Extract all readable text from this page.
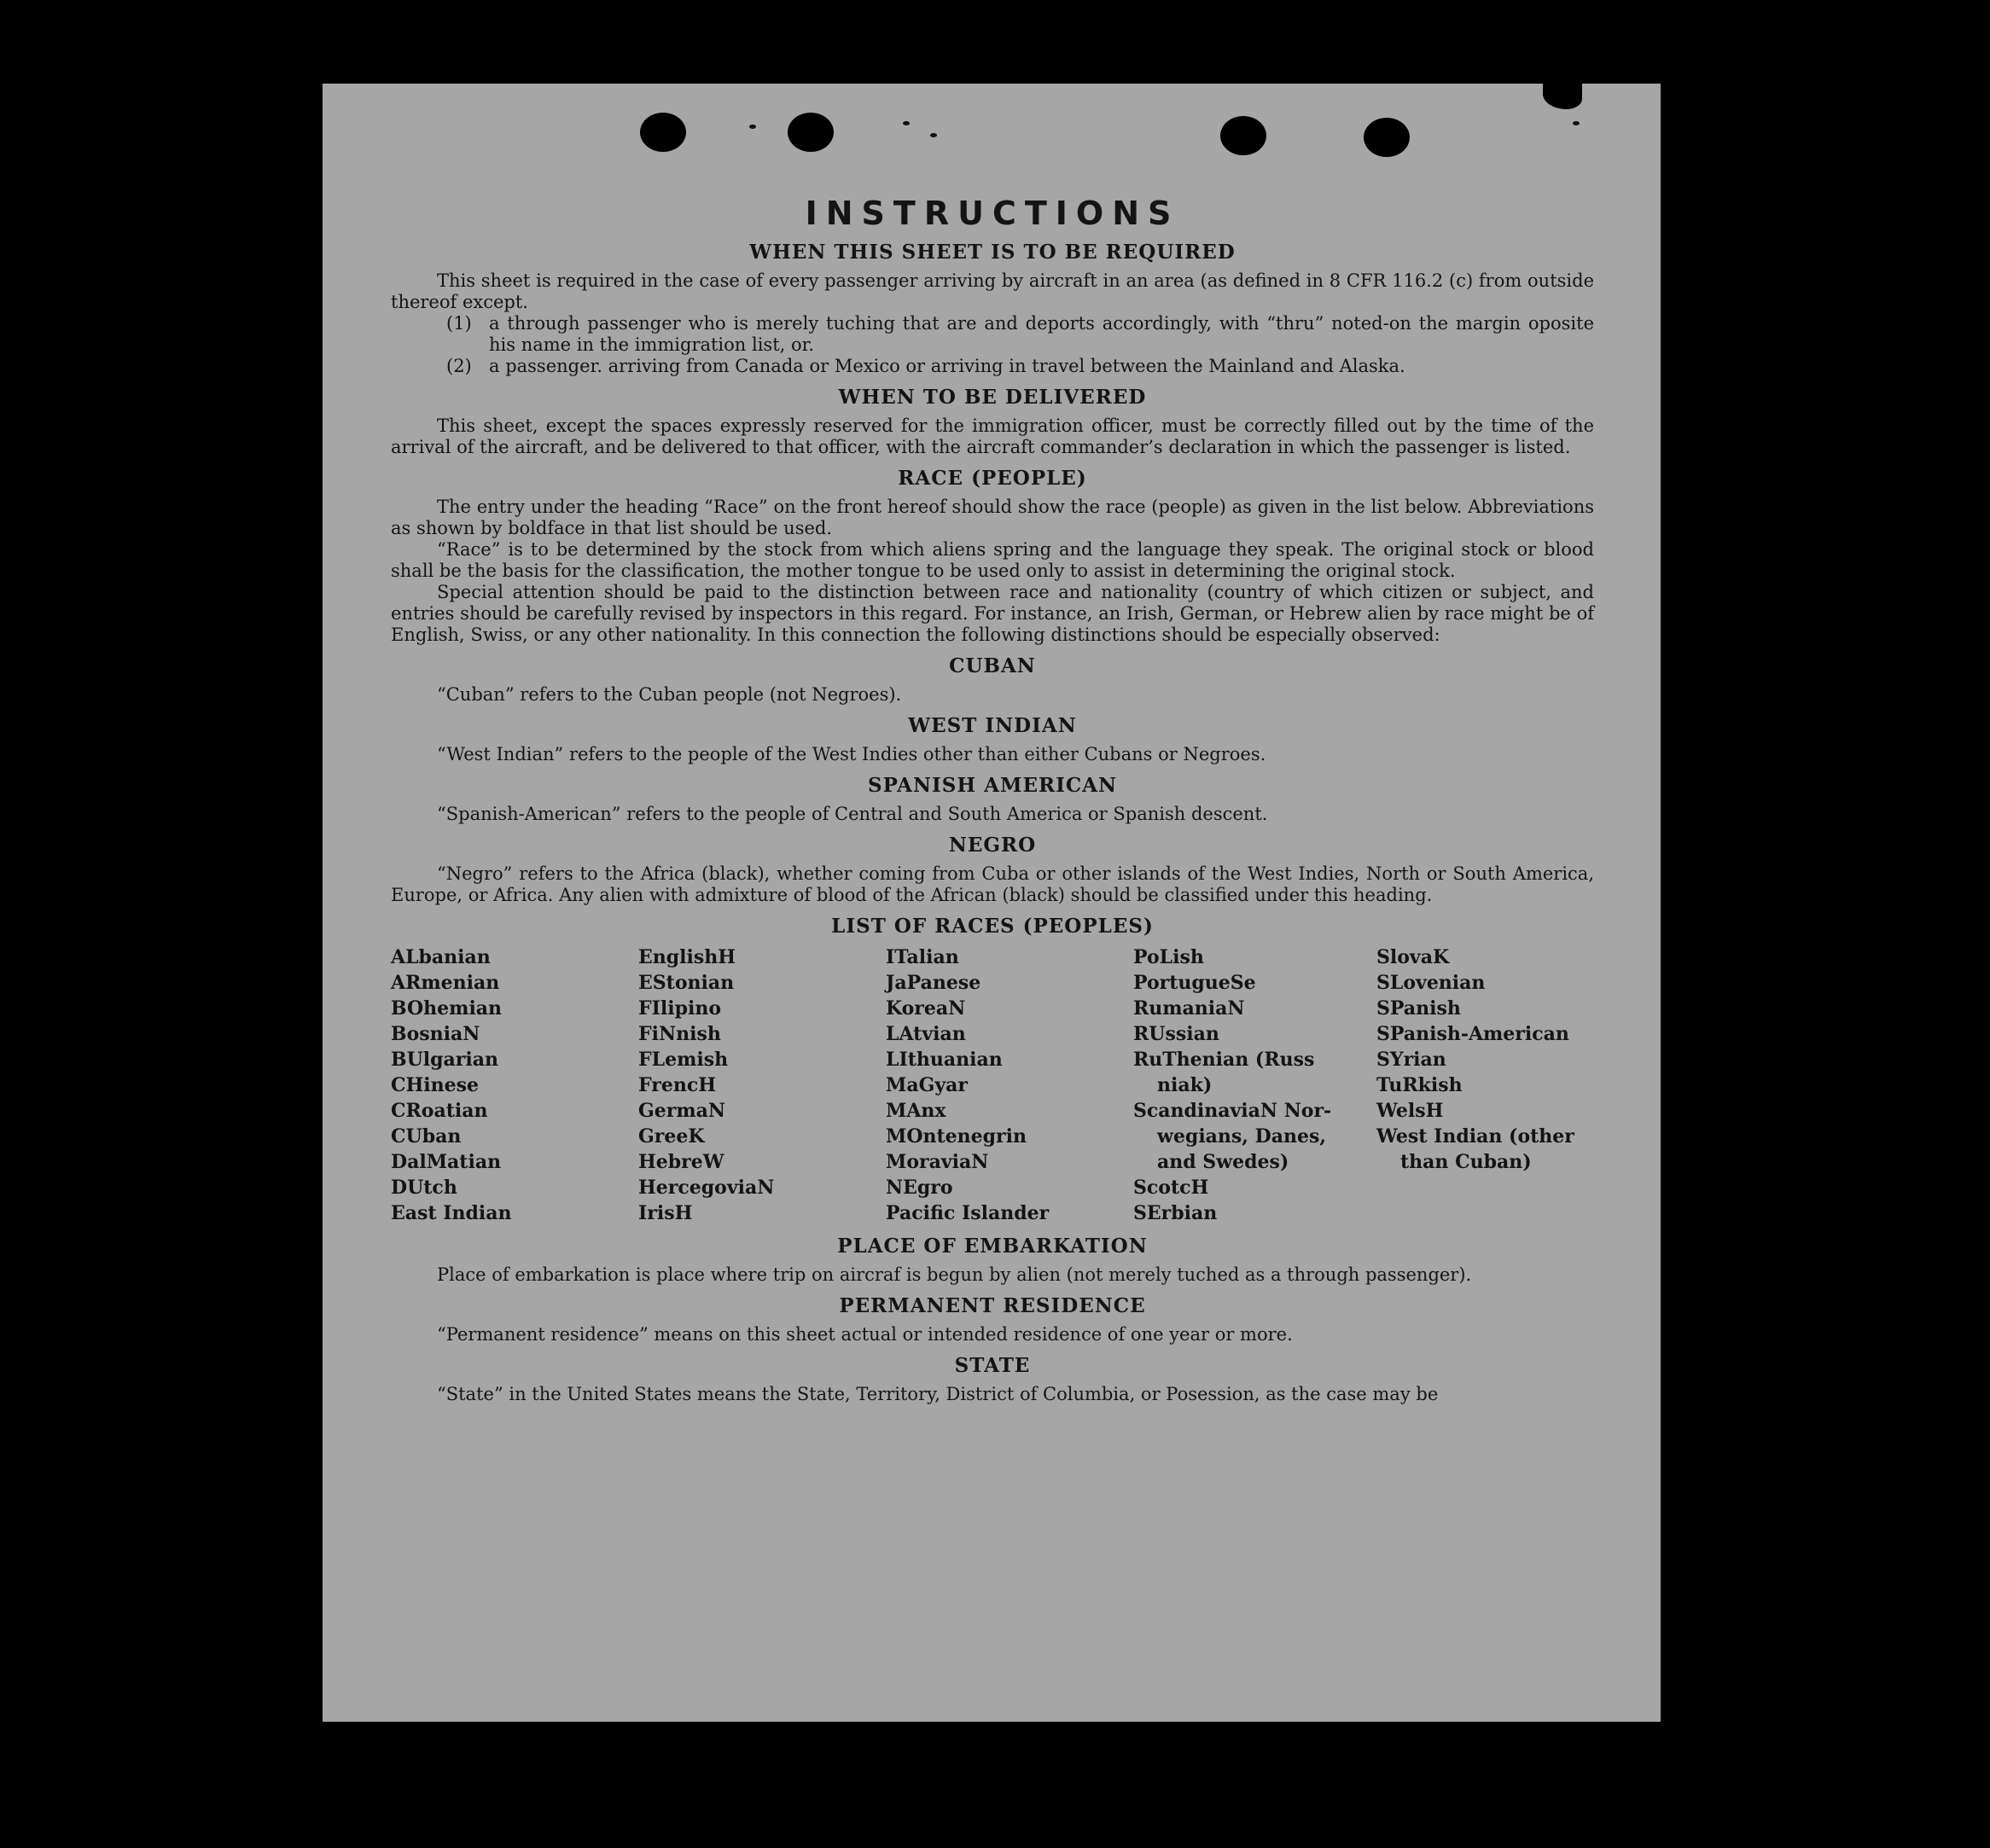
INSTRUCTIONS
WHEN THIS SHEET IS TO BE REQUIRED

This sheet is required in the case of every passenger arriving by aircraft in an area (as defined in 8 CFR 116.2 (c) from outside thereof except.

(1) a through passenger who is merely tuching that are and deports accordingly, with “thru” noted-on the margin oposite his name in the immigration list, or.

(2) a passenger. arriving from Canada or Mexico or arriving in travel between the Mainland and Alaska.

WHEN TO BE DELIVERED

This sheet, except the spaces expressly reserved for the immigration officer, must be correctly filled out by the time of the arrival of the aircraft, and be delivered to that officer, with the aircraft commander’s declaration in which the passenger is listed.

RACE (PEOPLE)

The entry under the heading “Race” on the front hereof should show the race (people) as given in the list below. Abbreviations as shown by boldface in that list should be used.

“Race” is to be determined by the stock from which aliens spring and the language they speak. The original stock or blood shall be the basis for the classification, the mother tongue to be used only to assist in determining the original stock.

Special attention should be paid to the distinction between race and nationality (country of which citizen or subject, and entries should be carefully revised by inspectors in this regard. For instance, an Irish, German, or Hebrew alien by race might be of English, Swiss, or any other nationality. In this connection the following distinctions should be especially observed:

CUBAN

“Cuban” refers to the Cuban people (not Negroes).

WEST INDIAN

“West Indian” refers to the people of the West Indies other than either Cubans or Negroes.

SPANISH AMERICAN

“Spanish-American” refers to the people of Central and South America or Spanish descent.

NEGRO

“Negro” refers to the Africa (black), whether coming from Cuba or other islands of the West Indies, North or South America, Europe, or Africa. Any alien with admixture of blood of the African (black) should be classified under this heading.

LIST OF RACES (PEOPLES)
ALbanian
ARmenian
BOhemian
BosniaN
BUlgarian
CHinese
CRoatian
CUban
DalMatian
DUtch
East Indian
EnglishH
EStonian
FIlipino
FiNnish
FLemish
FrencH
GermaN
GreeK
HebreW
HercegoviaN
IrisH
ITalian
JaPanese
KoreaN
LAtvian
LIthuanian
MaGyar
MAnx
MOntenegrin
MoraviaN
NEgro
Pacific Islander
PoLish
PortugueSe
RumaniaN
RUssian
RuThenian (Russ
niak)
ScandinaviaN Nor-
wegians, Danes,
and Swedes)
ScotcH
SErbian
SlovaK
SLovenian
SPanish
SPanish-American
SYrian
TuRkish
WelsH
West Indian (other
than Cuban)
PLACE OF EMBARKATION

Place of embarkation is place where trip on aircraf is begun by alien (not merely tuched as a through passenger).

PERMANENT RESIDENCE

“Permanent residence” means on this sheet actual or intended residence of one year or more.

STATE

“State” in the United States means the State, Territory, District of Columbia, or Posession, as the case may be
